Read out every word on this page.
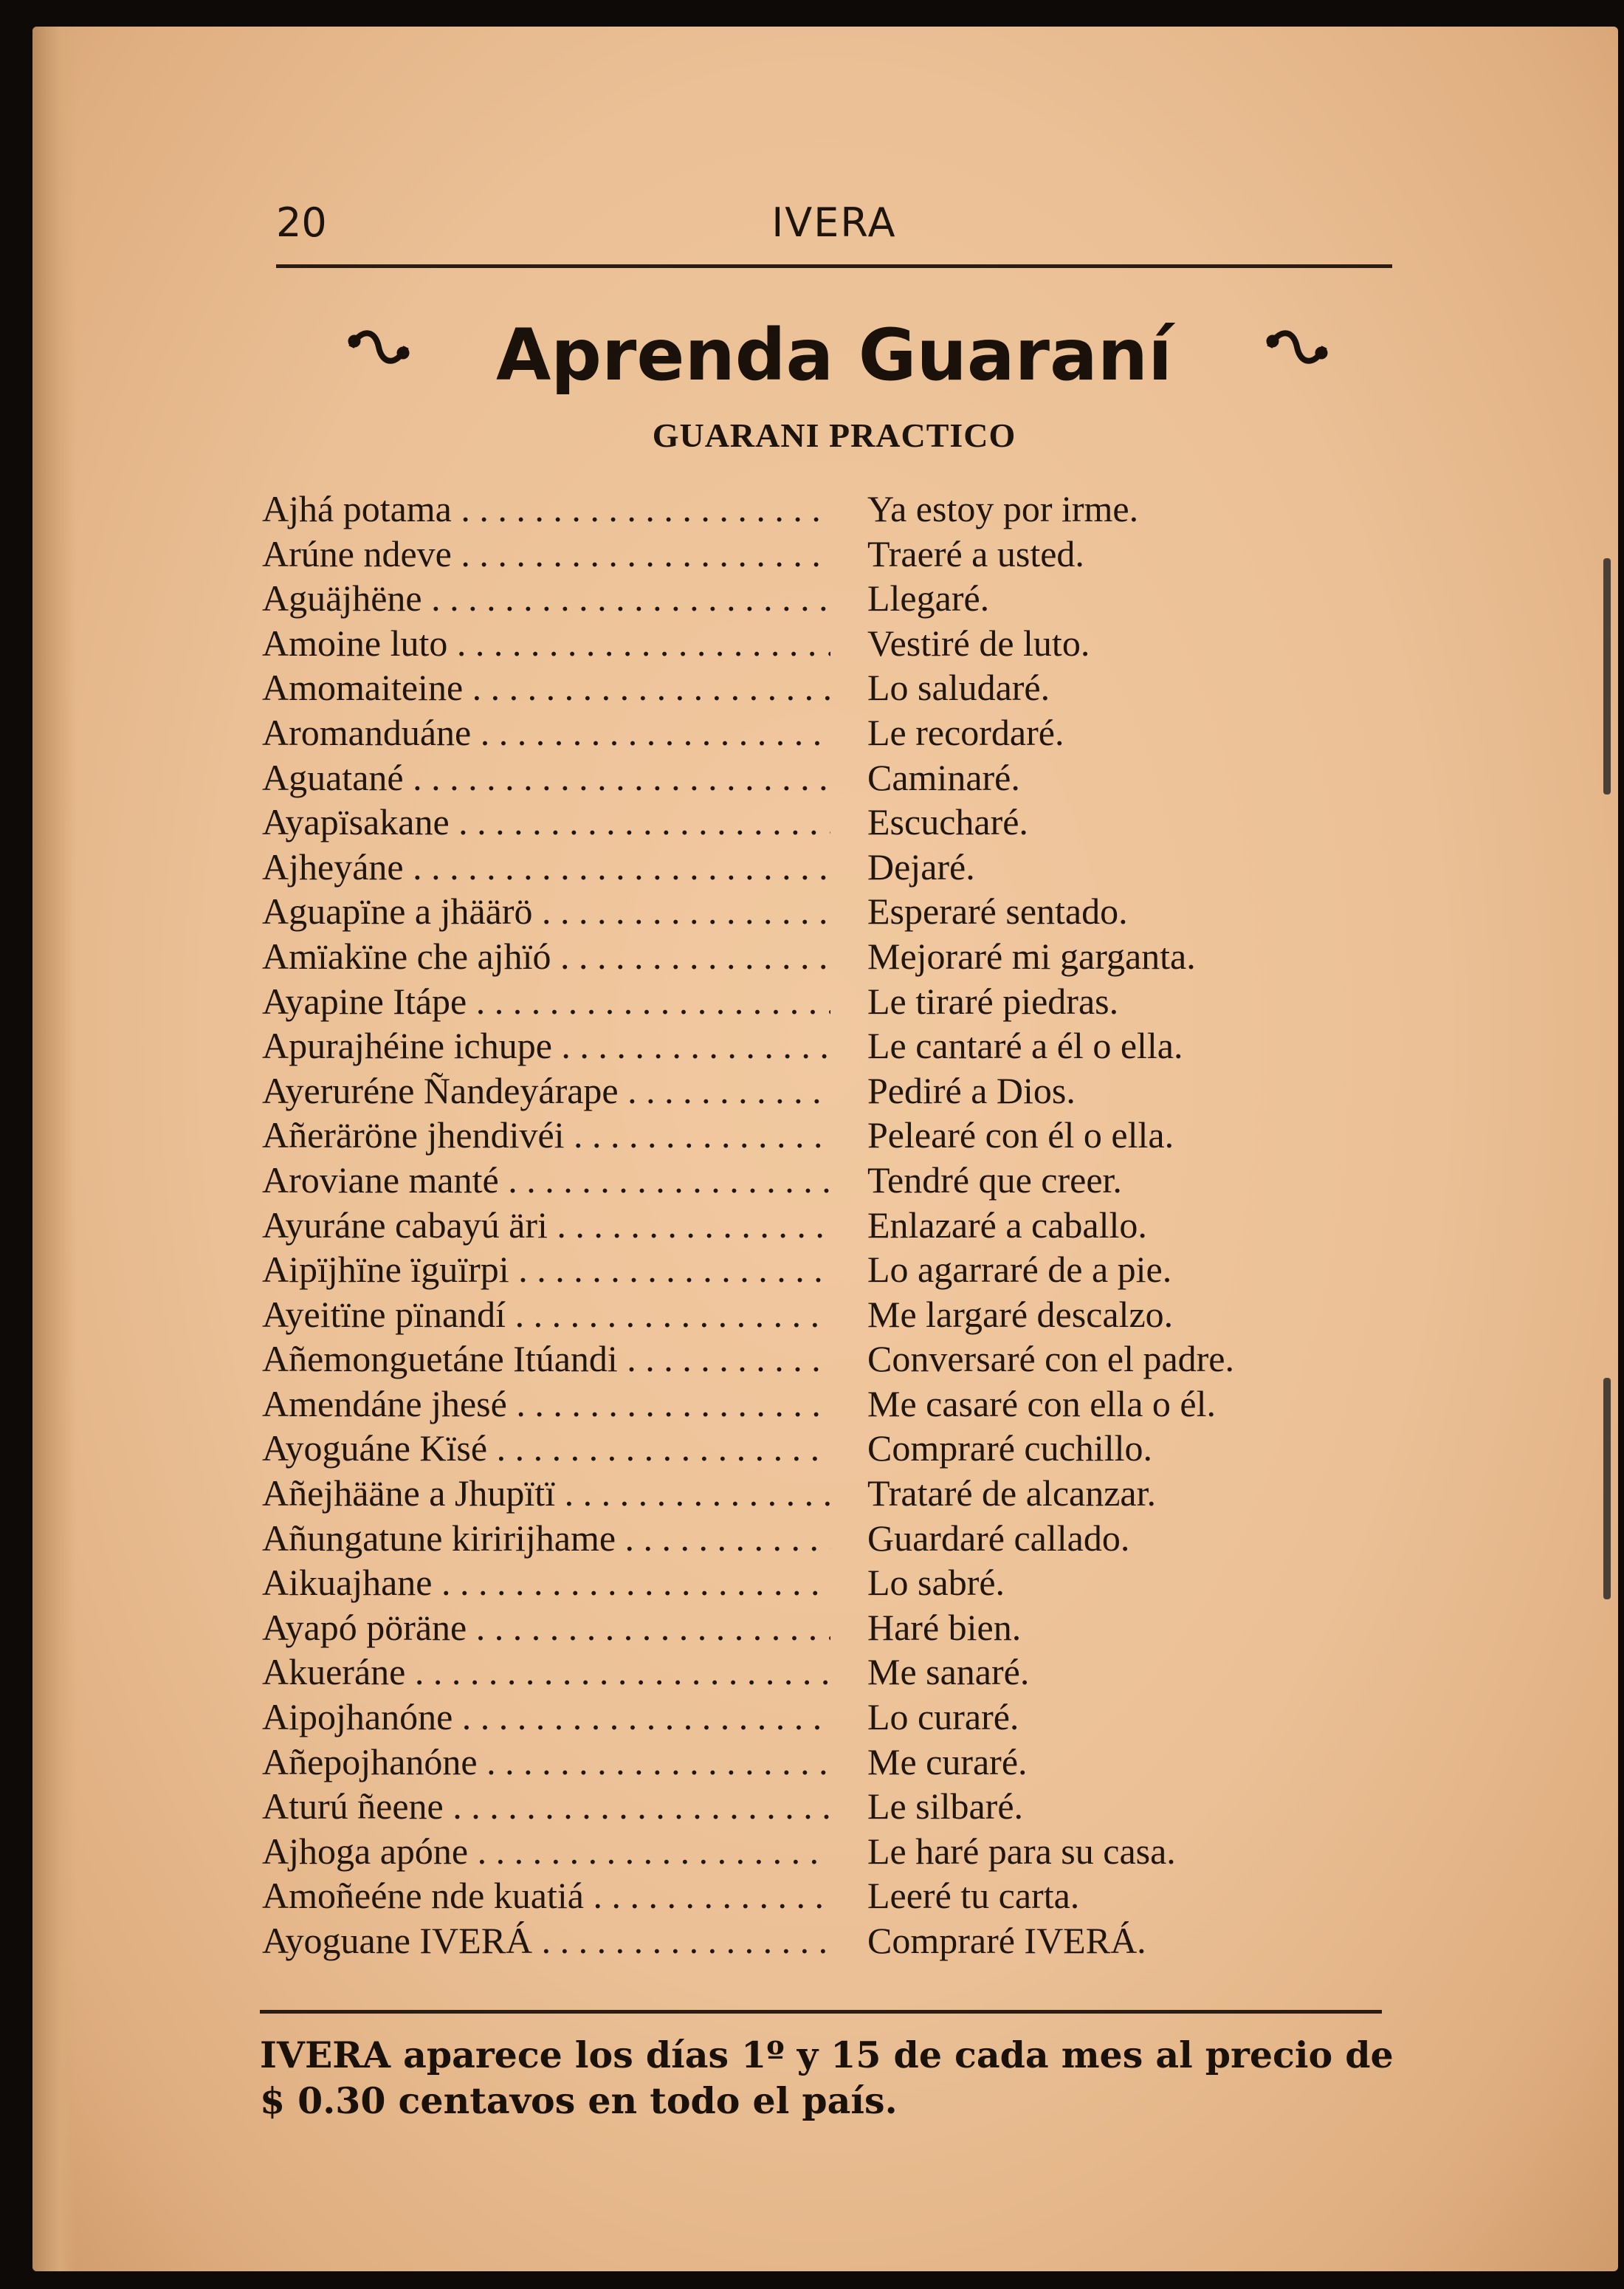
20	IVERA
Aprenda Guaraní
GUARANI PRACTICO
Ajhá potama . . .	Ya estoy por irme.
Arúne ndeve . . .	Traeré a usted.
Aguäjhëne . . .	Llegaré.
Amoine luto . . .	Vestiré de luto.
Amomaiteine . . .	Lo saludaré.
Aromanduáne . . .	Le recordaré.
Aguatané . . .	Caminaré.
Ayapïsakane . . .	Escucharé.
Ajheyáne . . .	Dejaré.
Aguapïne a jhäärö . . .	Esperaré sentado.
Amïakïne che ajhïó . . .	Mejoraré mi garganta.
Ayapine Itápe . . .	Le tiraré piedras.
Apurajhéine ichupe . . .	Le cantaré a él o ella.
Ayeruréne Ñandeyárape . . .	Pediré a Dios.
Añeräröne jhendivéi . . .	Pelearé con él o ella.
Aroviane manté . . .	Tendré que creer.
Ayuráne cabayú äri . . .	Enlazaré a caballo.
Aipïjhïne ïguïrpi . . .	Lo agarraré de a pie.
Ayeitïne pïnandí . . .	Me largaré descalzo.
Añemonguetáne Itúandi . . .	Conversaré con el padre.
Amendáne jhesé . . .	Me casaré con ella o él.
Ayoguáne Kïsé . . .	Compraré cuchillo.
Añejhääne a Jhupïtï . . .	Trataré de alcanzar.
Añungatune kiririjhame . . .	Guardaré callado.
Aikuajhane . . .	Lo sabré.
Ayapó pöräne . . .	Haré bien.
Akueráne . . .	Me sanaré.
Aipojhanóne . . .	Lo curaré.
Añepojhanóne . . .	Me curaré.
Aturú ñeene . . .	Le silbaré.
Ajhoga apóne . . .	Le haré para su casa.
Amoñeéne nde kuatiá . . .	Leeré tu carta.
Ayoguane IVERÁ . . .	Compraré IVERÁ.
IVERA aparece los días 1º y 15 de cada mes al precio de
$ 0.30 centavos en todo el país.
